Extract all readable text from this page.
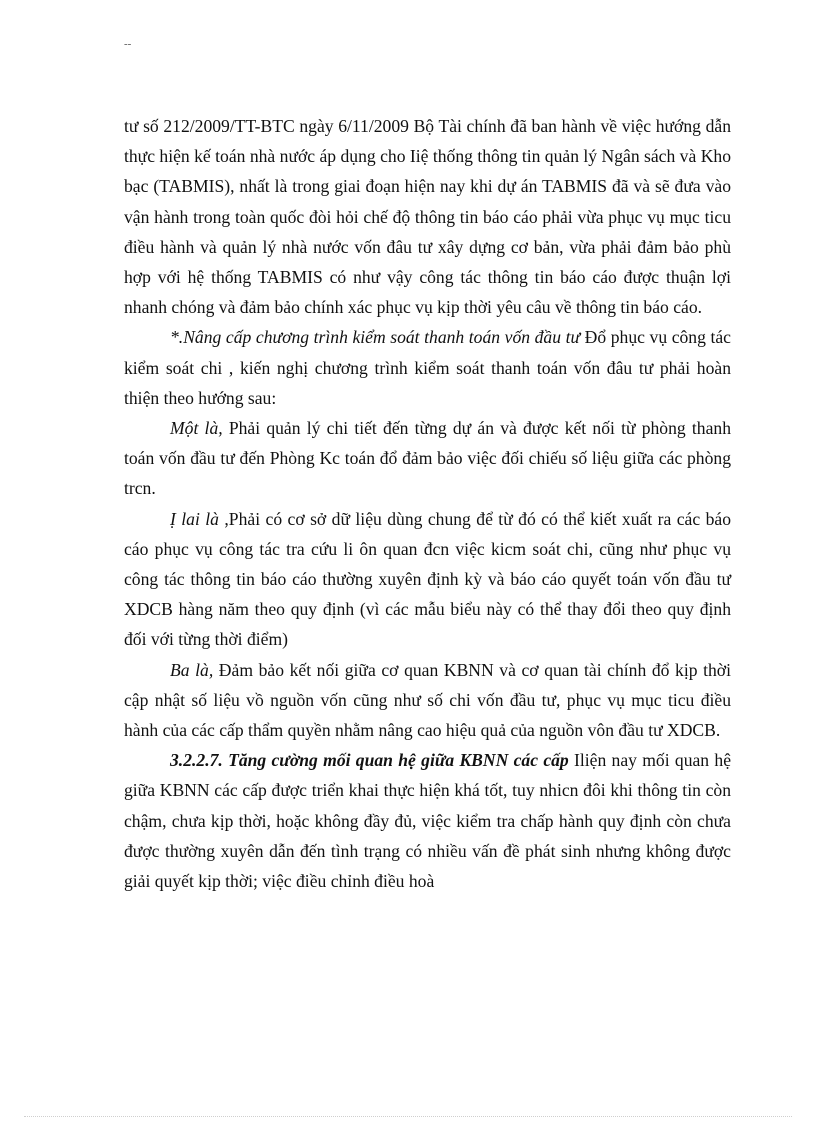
--

tư số 212/2009/TT-BTC ngày 6/11/2009 Bộ Tài chính đã ban hành về việc hướng dẫn thực hiện kế toán nhà nước áp dụng cho Iiệ thống thông tin quản lý Ngân sách và Kho bạc (TABMIS), nhất là trong giai đoạn hiện nay khi dự án TABMIS đã và sẽ đưa vào vận hành trong toàn quốc đòi hỏi chế độ thông tin báo cáo phải vừa phục vụ mục ticu điều hành và quản lý nhà nước vốn đâu tư xây dựng cơ bản, vừa phải đảm bảo phù hợp với hệ thống TABMIS có như vậy công tác thông tin báo cáo được thuận lợi nhanh chóng và đảm bảo chính xác phục vụ kịp thời yêu câu về thông tin báo cáo.

*.Nâng cấp chương trình kiểm soát thanh toán vốn đầu tư Đổ phục vụ công tác kiểm soát chi , kiến nghị chương trình kiểm soát thanh toán vốn đâu tư phải hoàn thiện theo hướng sau:

Một là, Phải quản lý chi tiết đến từng dự án và được kết nối từ phòng thanh toán vốn đầu tư đến Phòng Kc toán đổ đảm bảo việc đối chiếu số liệu giữa các phòng trcn.

Ị lai là ,Phải có cơ sở dữ liệu dùng chung để từ đó có thể kiết xuất ra các báo cáo phục vụ công tác tra cứu li ôn quan đcn việc kicm soát chi, cũng như phục vụ công tác thông tin báo cáo thường xuyên định kỳ và báo cáo quyết toán vốn đầu tư XDCB hàng năm theo quy định (vì các mẫu biểu này có thể thay đổi theo quy định đối với từng thời điểm)

Ba là, Đảm bảo kết nối giữa cơ quan KBNN và cơ quan tài chính đổ kịp thời cập nhật số liệu vồ nguồn vốn cũng như số chi vốn đầu tư, phục vụ mục ticu điều hành của các cấp thẩm quyền nhằm nâng cao hiệu quả của nguồn vôn đầu tư XDCB.

3.2.2.7. Tăng cường mối quan hệ giữa KBNN các cấp Iliện nay mối quan hệ giữa KBNN các cấp được triển khai thực hiện khá tốt, tuy nhicn đôi khi thông tin còn chậm, chưa kịp thời, hoặc không đầy đủ, việc kiểm tra chấp hành quy định còn chưa được thường xuyên dẫn đến tình trạng có nhiều vấn đề phát sinh nhưng không được giải quyết kịp thời; việc điều chỉnh điều hoà
